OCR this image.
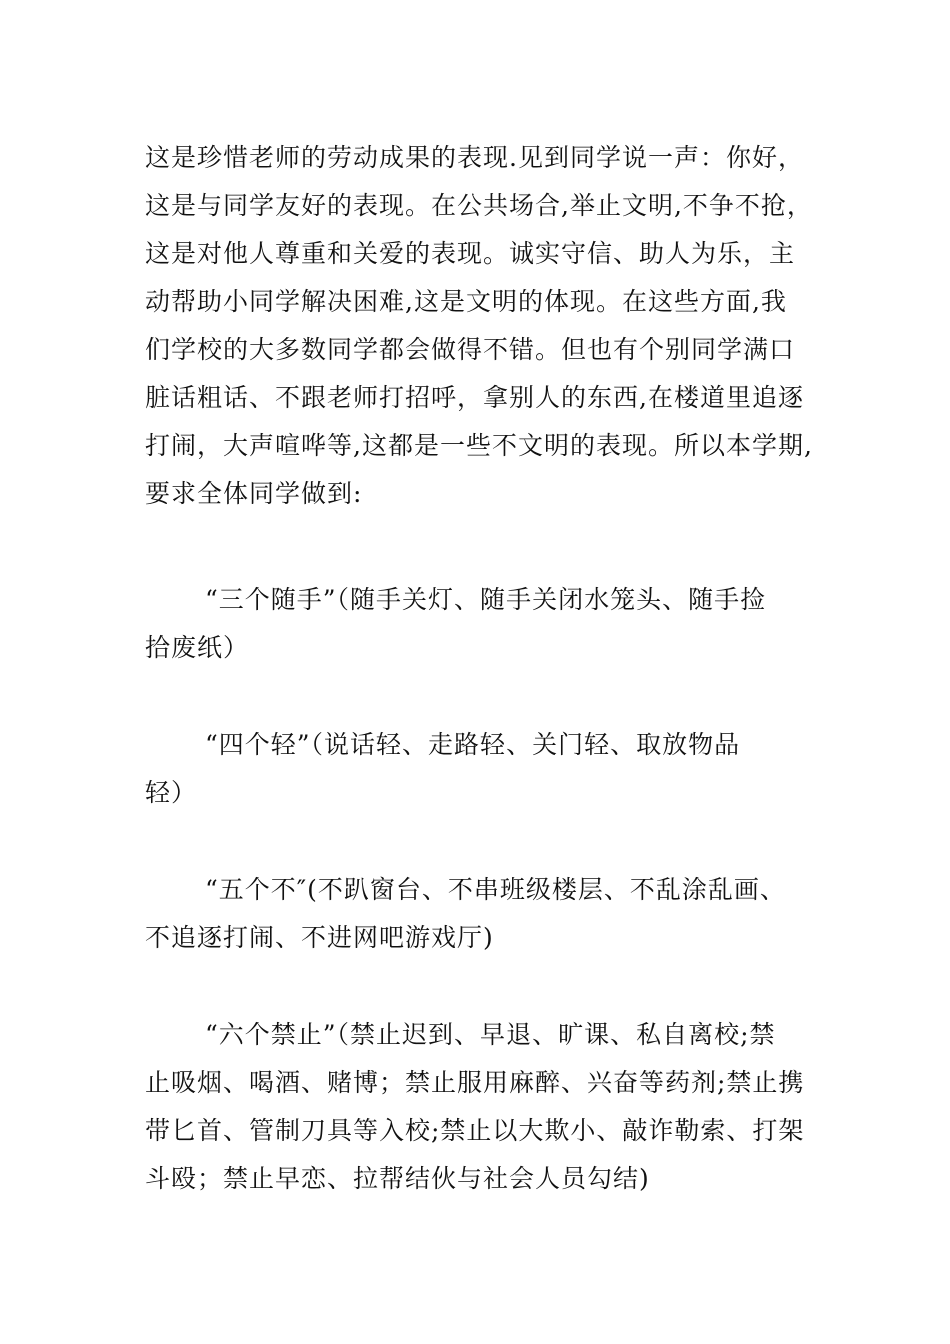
这是珍惜老师的劳动成果的表现.见到同学说一声：你好，
这是与同学友好的表现。在公共场合,举止文明,不争不抢，
这是对他人尊重和关爱的表现。诚实守信、助人为乐，主
动帮助小同学解决困难,这是文明的体现。在这些方面,我
们学校的大多数同学都会做得不错。但也有个别同学满口
脏话粗话、不跟老师打招呼，拿别人的东西,在楼道里追逐
打闹，大声喧哗等,这都是一些不文明的表现。所以本学期,
要求全体同学做到:
“三个随手”（随手关灯、随手关闭水笼头、随手捡
拾废纸）
“四个轻”（说话轻、走路轻、关门轻、取放物品
轻）
“五个不″(不趴窗台、不串班级楼层、不乱涂乱画、
不追逐打闹、不进网吧游戏厅)
“六个禁止”（禁止迟到、早退、旷课、私自离校;禁
止吸烟、喝酒、赌博；禁止服用麻醉、兴奋等药剂;禁止携
带匕首、管制刀具等入校;禁止以大欺小、敲诈勒索、打架
斗殴；禁止早恋、拉帮结伙与社会人员勾结)
